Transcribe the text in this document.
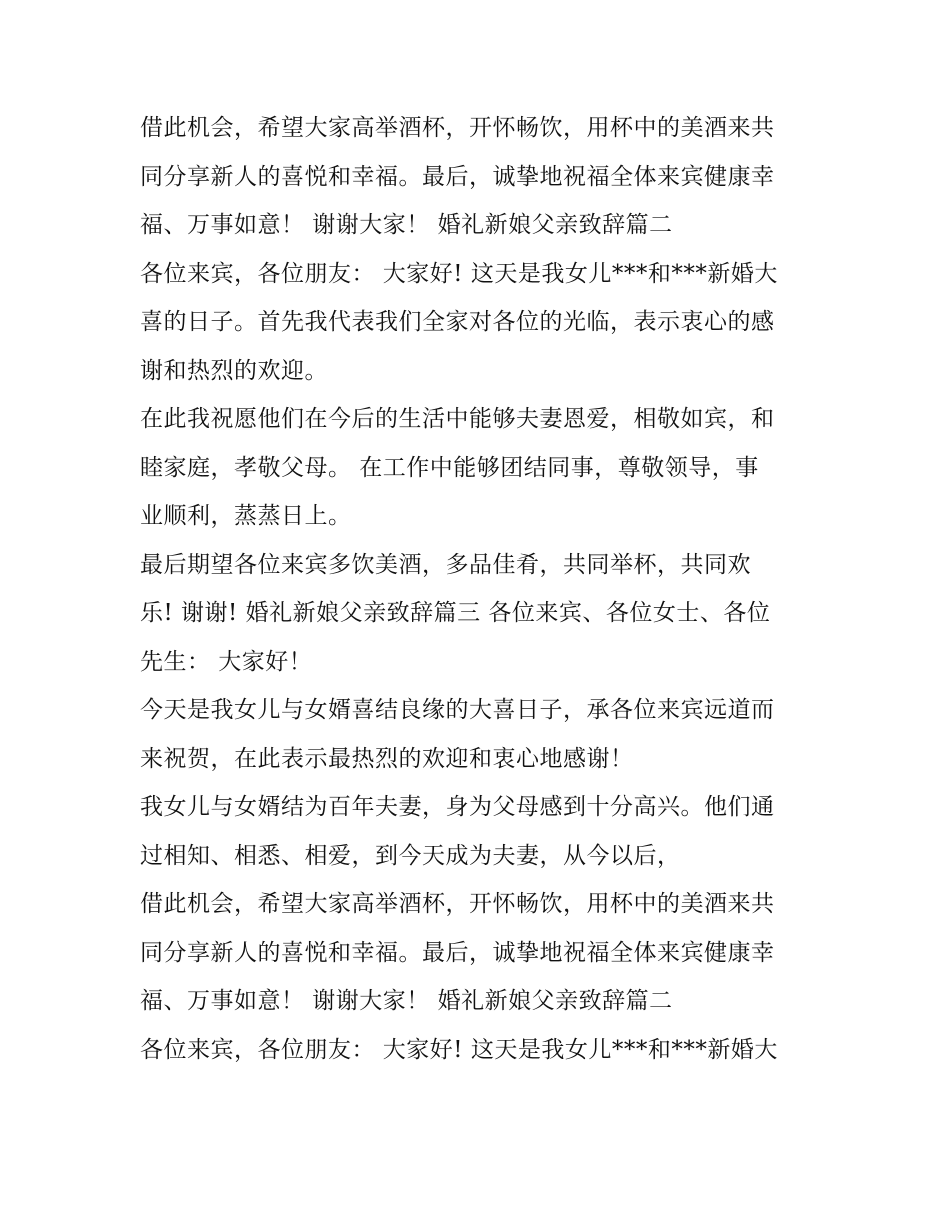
借此机会，希望大家高举酒杯，开怀畅饮，用杯中的美酒来共
同分享新人的喜悦和幸福。最后，诚挚地祝福全体来宾健康幸
福、万事如意！ 谢谢大家！ 婚礼新娘父亲致辞篇二
各位来宾，各位朋友： 大家好! 这天是我女儿***和***新婚大
喜的日子。首先我代表我们全家对各位的光临，表示衷心的感
谢和热烈的欢迎。
在此我祝愿他们在今后的生活中能够夫妻恩爱，相敬如宾，和
睦家庭，孝敬父母。 在工作中能够团结同事，尊敬领导，事
业顺利，蒸蒸日上。
最后期望各位来宾多饮美酒，多品佳肴，共同举杯，共同欢
乐! 谢谢! 婚礼新娘父亲致辞篇三 各位来宾、各位女士、各位
先生： 大家好！
今天是我女儿与女婿喜结良缘的大喜日子，承各位来宾远道而
来祝贺，在此表示最热烈的欢迎和衷心地感谢！
我女儿与女婿结为百年夫妻，身为父母感到十分高兴。他们通
过相知、相悉、相爱，到今天成为夫妻，从今以后，
借此机会，希望大家高举酒杯，开怀畅饮，用杯中的美酒来共
同分享新人的喜悦和幸福。最后，诚挚地祝福全体来宾健康幸
福、万事如意！ 谢谢大家！ 婚礼新娘父亲致辞篇二
各位来宾，各位朋友： 大家好! 这天是我女儿***和***新婚大
